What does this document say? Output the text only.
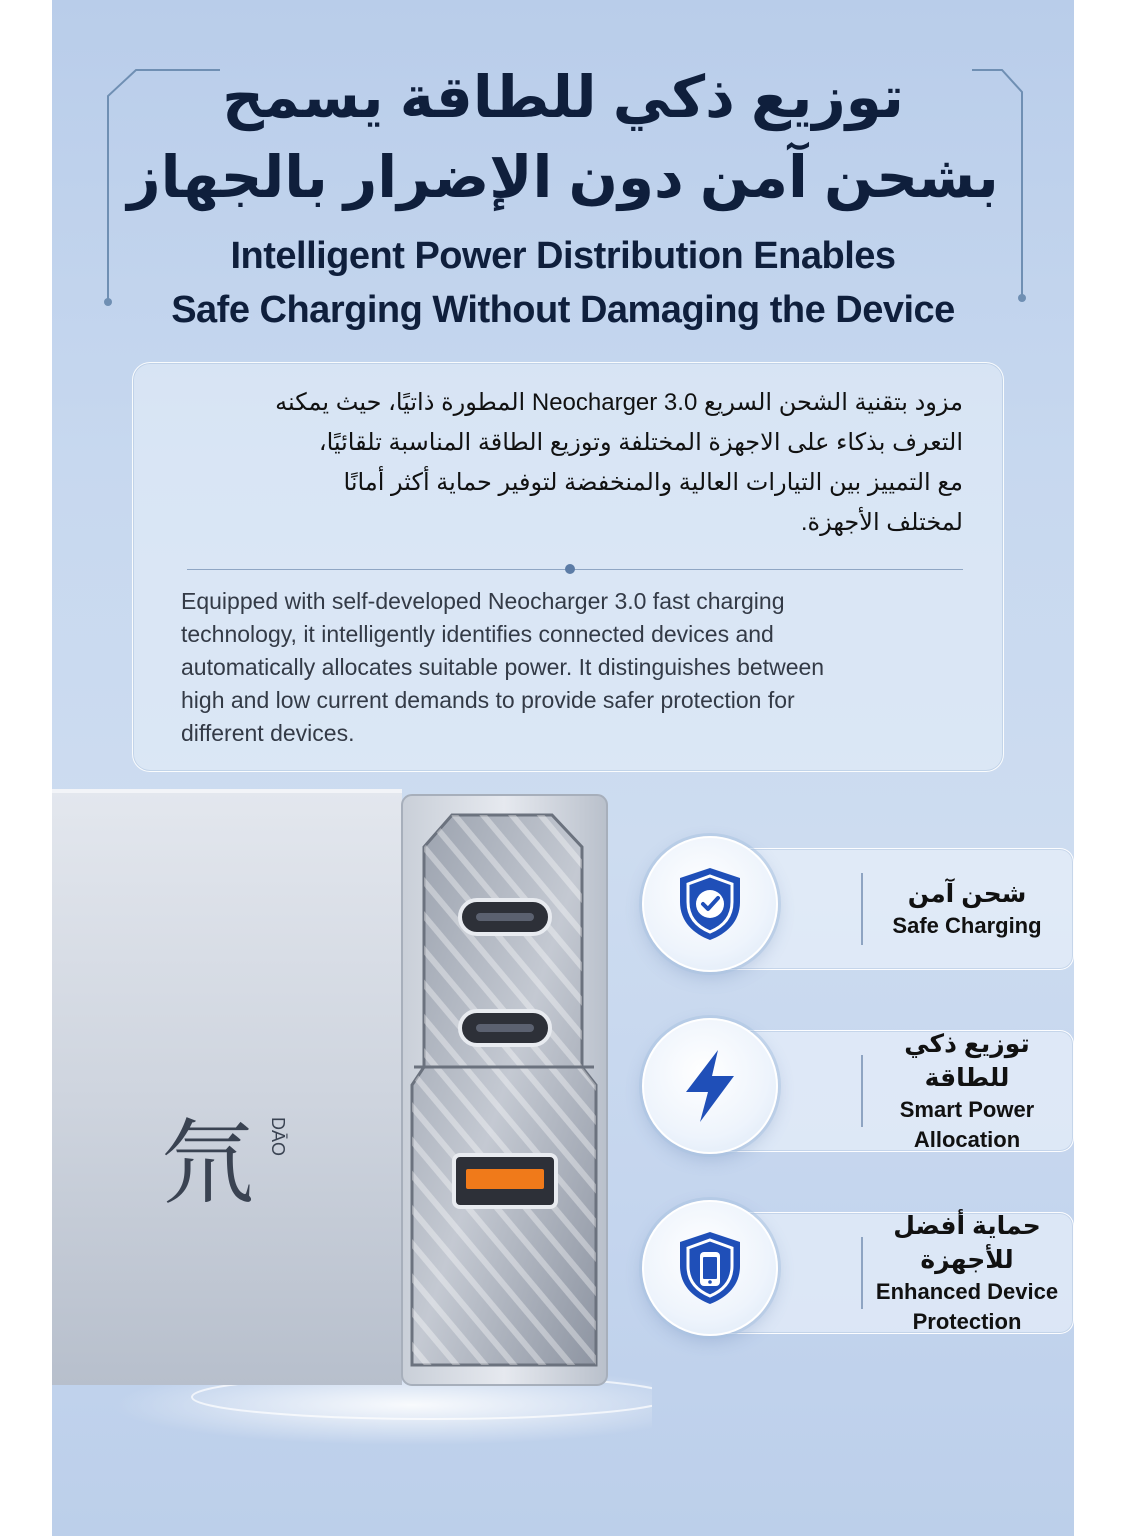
توزيع ذكي للطاقة يسمح
بشحن آمن دون الإضرار بالجهاز
Intelligent Power Distribution Enables
Safe Charging Without Damaging the Device
مزود بتقنية الشحن السريع Neocharger 3.0 المطورة ذاتيًا، حيث يمكنه
التعرف بذكاء على الاجهزة المختلفة وتوزيع الطاقة المناسبة تلقائيًا،
مع التمييز بين التيارات العالية والمنخفضة لتوفير حماية أكثر أمانًا
لمختلف الأجهزة.
Equipped with self-developed Neocharger 3.0 fast charging
technology, it intelligently identifies connected devices and
automatically allocates suitable power. It distinguishes between
high and low current demands to provide safer protection for
different devices.
氘 DĀO
شحن آمن
Safe Charging
توزيع ذكي للطاقة
Smart Power
Allocation
حماية أفضل للأجهزة
Enhanced Device
Protection
